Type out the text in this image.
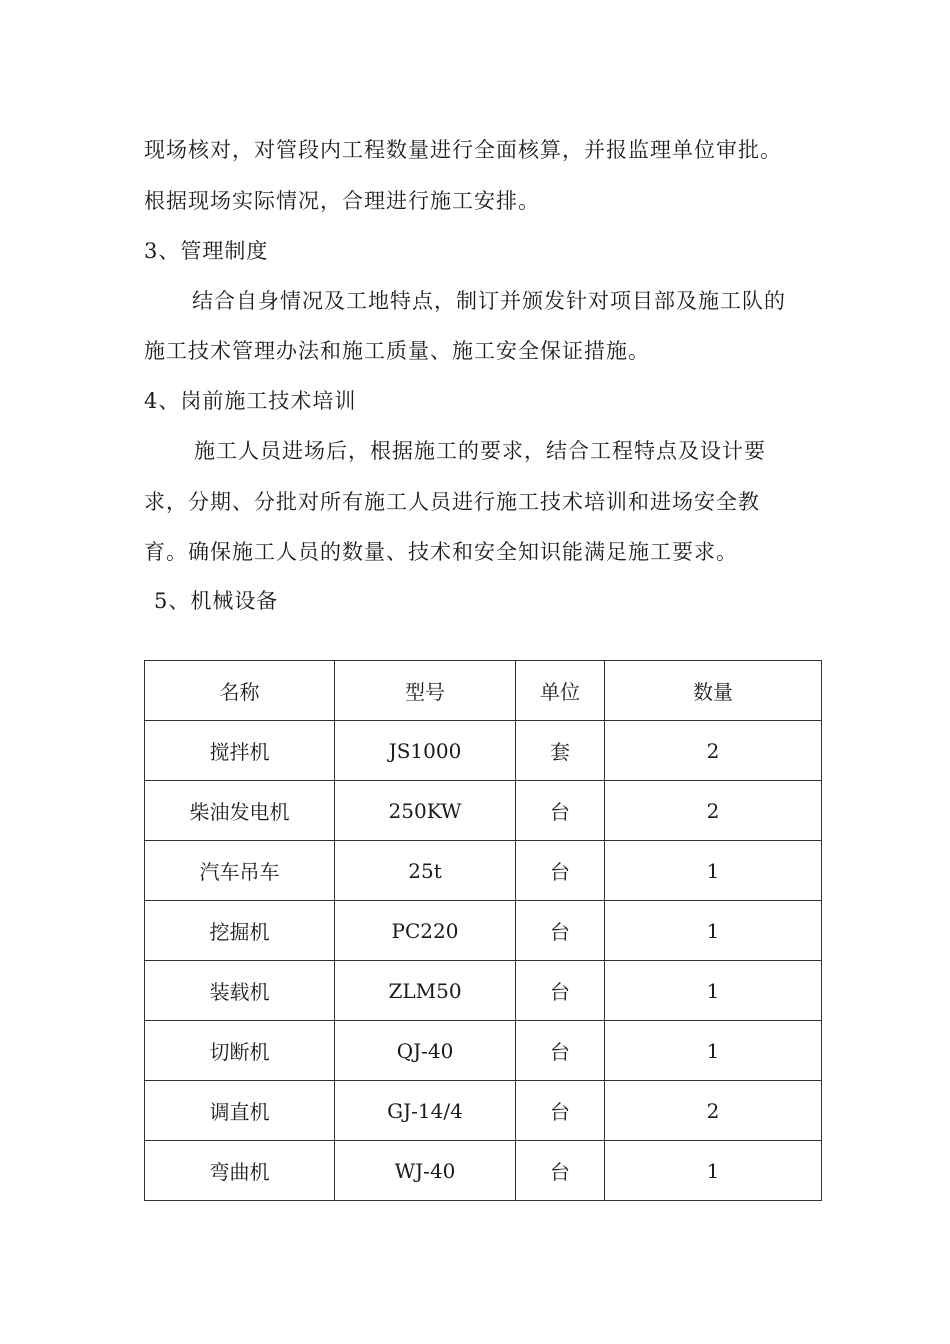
现场核对，对管段内工程数量进行全面核算，并报监理单位审批。
根据现场实际情况，合理进行施工安排。
3、管理制度
结合自身情况及工地特点，制订并颁发针对项目部及施工队的
施工技术管理办法和施工质量、施工安全保证措施。
4、岗前施工技术培训
施工人员进场后，根据施工的要求，结合工程特点及设计要
求，分期、分批对所有施工人员进行施工技术培训和进场安全教
育。确保施工人员的数量、技术和安全知识能满足施工要求。
5、机械设备
名称	型号	单位	数量
搅拌机	JS1000	套	2
柴油发电机	250KW	台	2
汽车吊车	25t	台	1
挖掘机	PC220	台	1
装载机	ZLM50	台	1
切断机	QJ-40	台	1
调直机	GJ-14/4	台	2
弯曲机	WJ-40	台	1
